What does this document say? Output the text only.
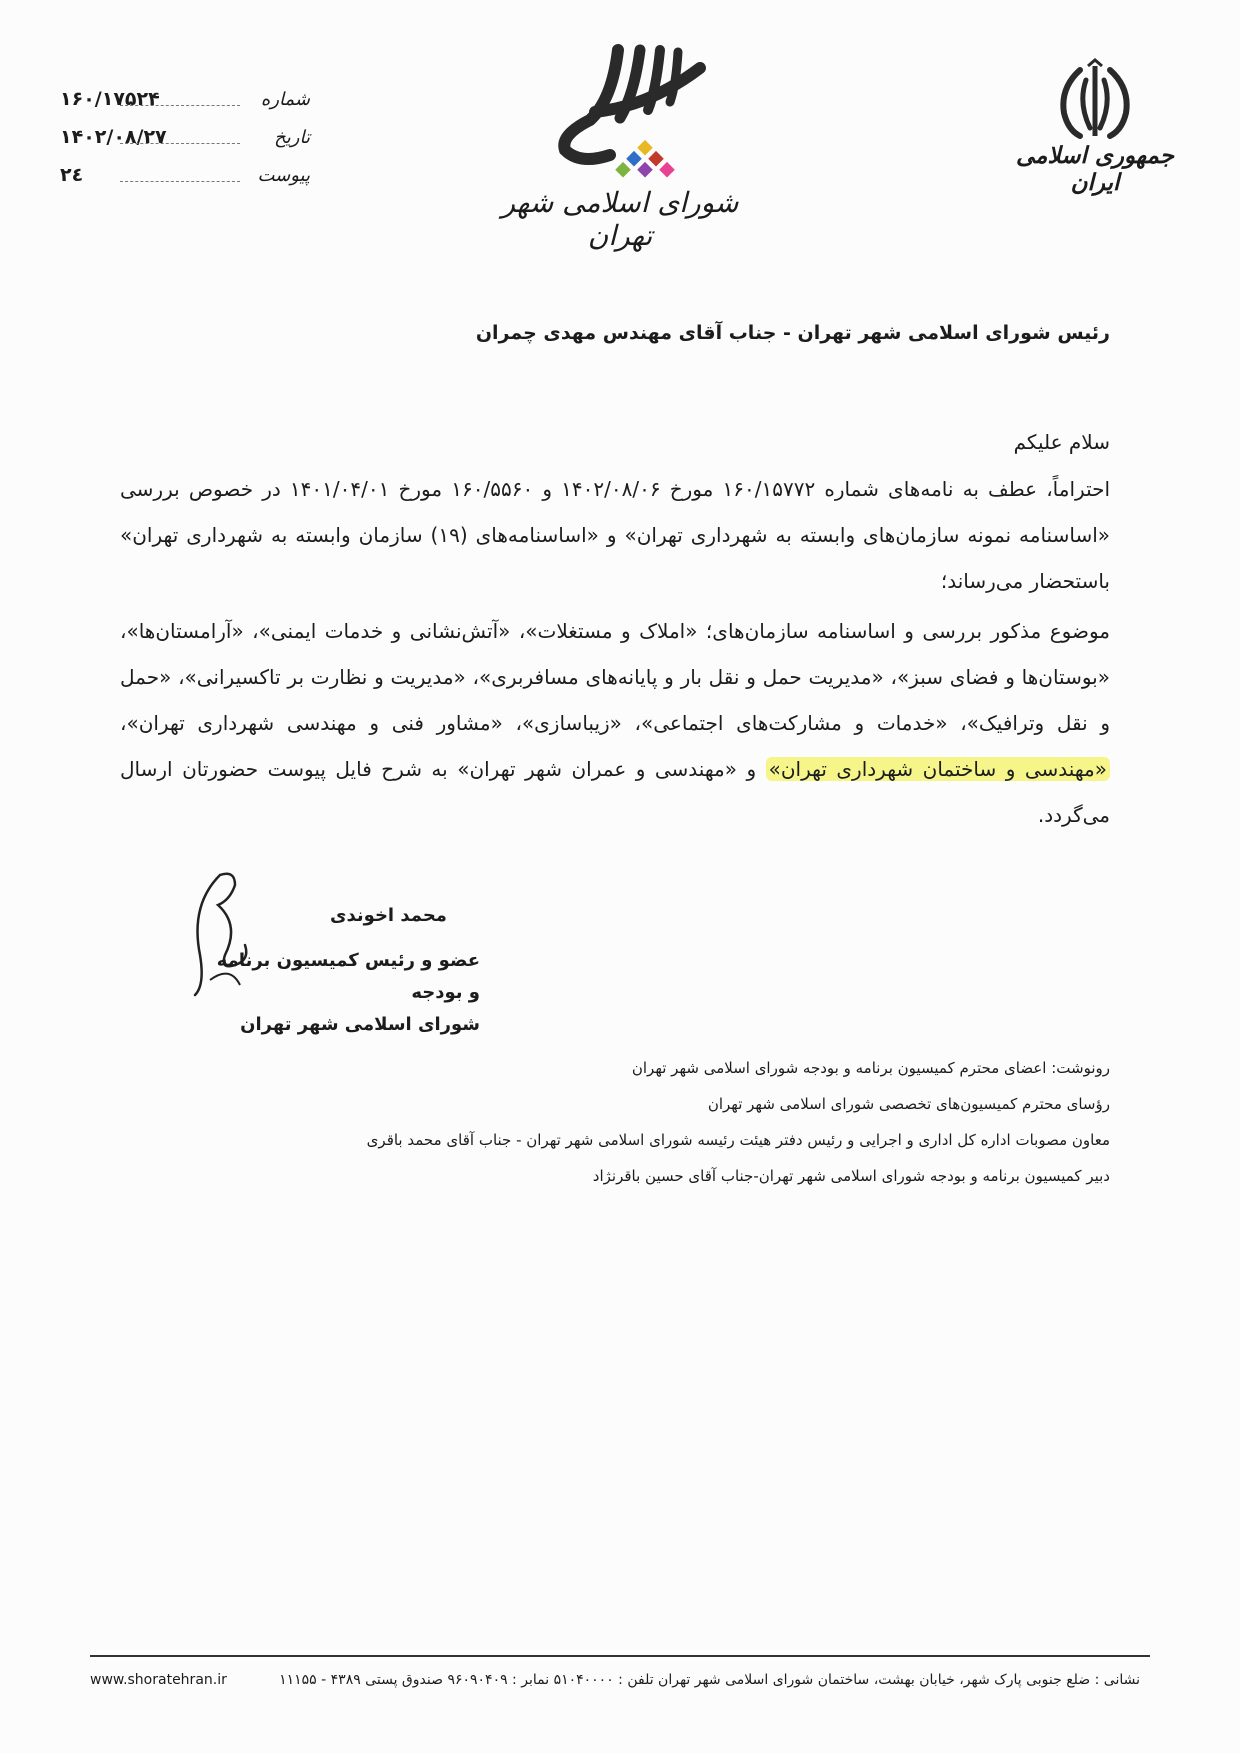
۱۶۰/۱۷۵۲۴	شماره
۱۴۰۲/۰۸/۲۷	تاریخ
۲٤	پیوست
شورای اسلامی شهر تهران
جمهوری اسلامی ایران
رئیس شورای اسلامی شهر تهران - جناب آقای مهندس مهدی چمران
سلام علیکم
احتراماً، عطف به نامه‌های شماره ۱۶۰/۱۵۷۷۲ مورخ ۱۴۰۲/۰۸/۰۶ و ۱۶۰/۵۵۶۰ مورخ ۱۴۰۱/۰۴/۰۱ در خصوص بررسی «اساسنامه نمونه سازمان‌های وابسته به شهرداری تهران» و «اساسنامه‌های (۱۹) سازمان وابسته به شهرداری تهران» باستحضار می‌رساند؛
موضوع مذکور بررسی و اساسنامه سازمان‌های؛ «املاک و مستغلات»، «آتش‌نشانی و خدمات ایمنی»، «آرامستان‌ها»، «بوستان‌ها و فضای سبز»، «مدیریت حمل و نقل بار و پایانه‌های مسافربری»، «مدیریت و نظارت بر تاکسیرانی»، «حمل و نقل وترافیک»، «خدمات و مشارکت‌های اجتماعی»، «زیباسازی»، «مشاور فنی و مهندسی شهرداری تهران»، «مهندسی و ساختمان شهرداری تهران» و «مهندسی و عمران شهر تهران» به شرح فایل پیوست حضورتان ارسال می‌گردد.
محمد اخوندی
عضو و رئیس کمیسیون برنامه و بودجه
شورای اسلامی شهر تهران
رونوشت: اعضای محترم کمیسیون برنامه و بودجه شورای اسلامی شهر تهران
رؤسای محترم کمیسیون‌های تخصصی شورای اسلامی شهر تهران
معاون مصوبات اداره کل اداری و اجرایی و رئیس دفتر هیئت رئیسه شورای اسلامی شهر تهران - جناب آقای محمد باقری
دبیر کمیسیون برنامه و بودجه شورای اسلامی شهر تهران-جناب آقای حسین باقرنژاد
نشانی : ضلع جنوبی پارک شهر، خیابان بهشت، ساختمان شورای اسلامی شهر تهران تلفن : ۵۱۰۴۰۰۰۰ نمابر : ۹۶۰۹۰۴۰۹ صندوق پستی ۴۳۸۹ - ۱۱۱۵۵
www.shoratehran.ir
